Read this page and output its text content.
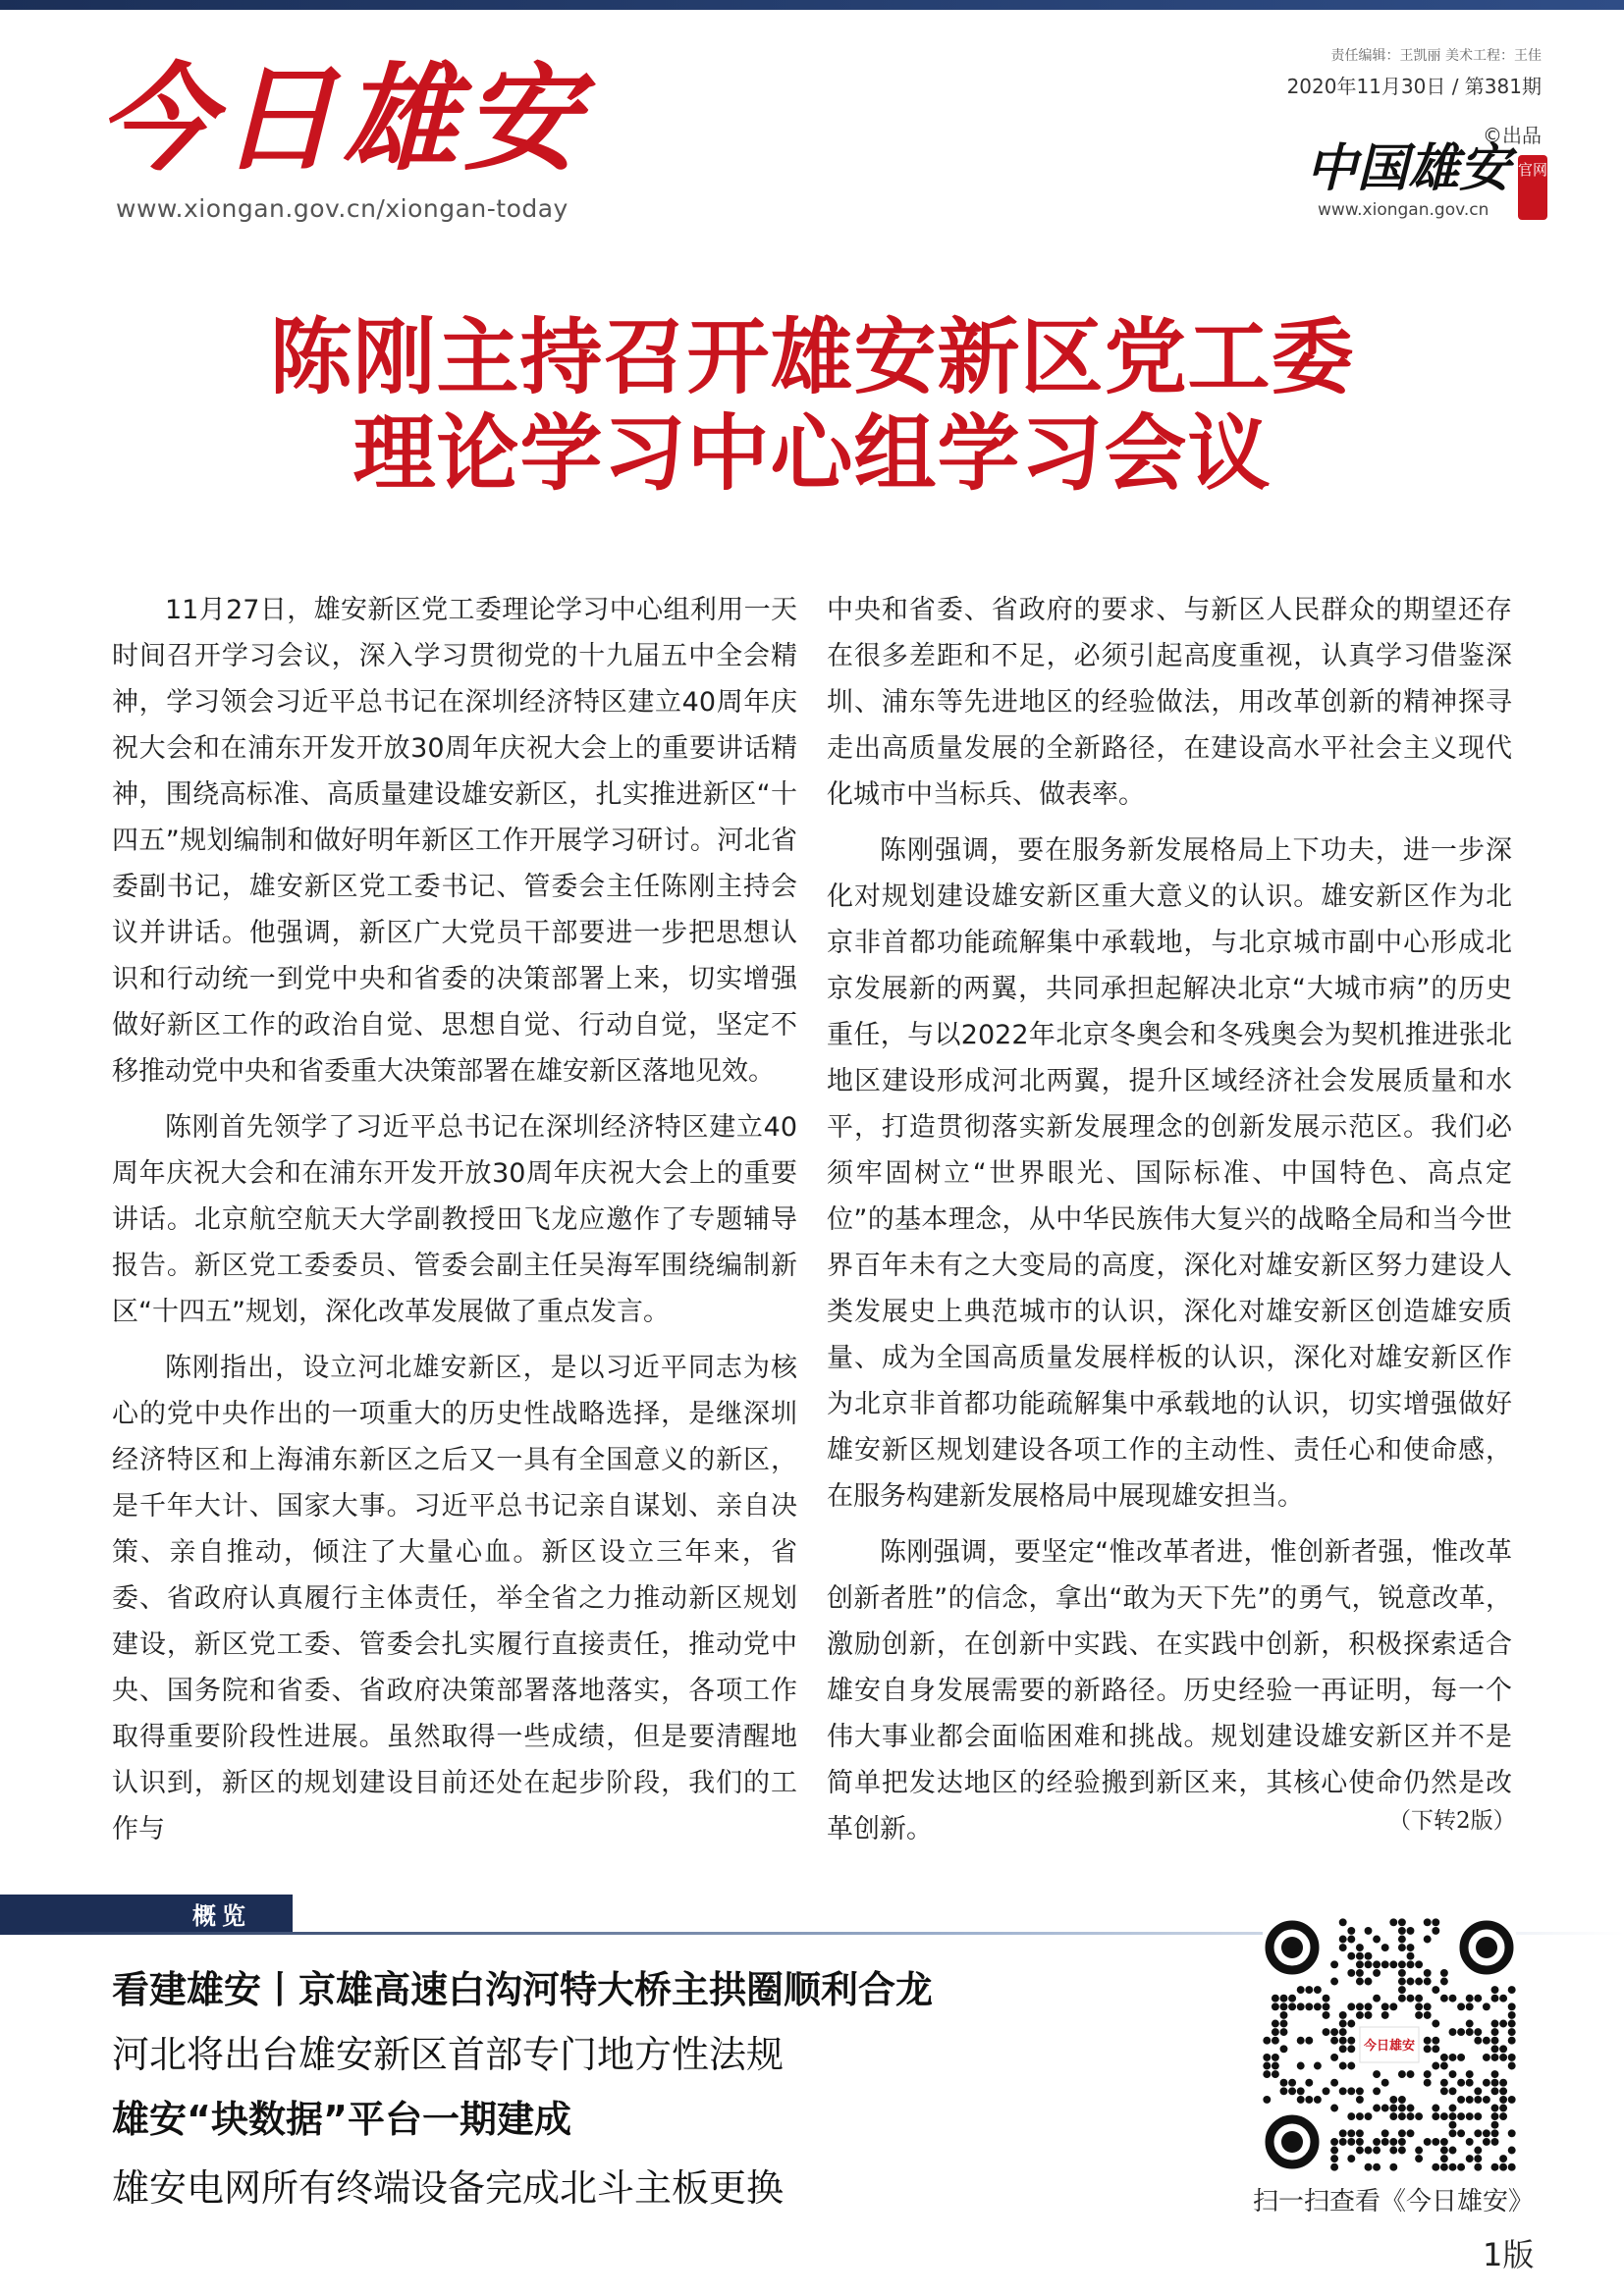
今日雄安
www.xiongan.gov.cn/xiongan-today
责任编辑：王凯丽 美术工程：王佳
2020年11月30日 / 第381期
©出品
中国雄安 官网
www.xiongan.gov.cn
陈刚主持召开雄安新区党工委
理论学习中心组学习会议

11月27日，雄安新区党工委理论学习中心组利用一天时间召开学习会议，深入学习贯彻党的十九届五中全会精神，学习领会习近平总书记在深圳经济特区建立40周年庆祝大会和在浦东开发开放30周年庆祝大会上的重要讲话精神，围绕高标准、高质量建设雄安新区，扎实推进新区“十四五”规划编制和做好明年新区工作开展学习研讨。河北省委副书记，雄安新区党工委书记、管委会主任陈刚主持会议并讲话。他强调，新区广大党员干部要进一步把思想认识和行动统一到党中央和省委的决策部署上来，切实增强做好新区工作的政治自觉、思想自觉、行动自觉，坚定不移推动党中央和省委重大决策部署在雄安新区落地见效。

陈刚首先领学了习近平总书记在深圳经济特区建立40周年庆祝大会和在浦东开发开放30周年庆祝大会上的重要讲话。北京航空航天大学副教授田飞龙应邀作了专题辅导报告。新区党工委委员、管委会副主任吴海军围绕编制新区“十四五”规划，深化改革发展做了重点发言。

陈刚指出，设立河北雄安新区，是以习近平同志为核心的党中央作出的一项重大的历史性战略选择，是继深圳经济特区和上海浦东新区之后又一具有全国意义的新区，是千年大计、国家大事。习近平总书记亲自谋划、亲自决策、亲自推动，倾注了大量心血。新区设立三年来，省委、省政府认真履行主体责任，举全省之力推动新区规划建设，新区党工委、管委会扎实履行直接责任，推动党中央、国务院和省委、省政府决策部署落地落实，各项工作取得重要阶段性进展。虽然取得一些成绩，但是要清醒地认识到，新区的规划建设目前还处在起步阶段，我们的工作与

中央和省委、省政府的要求、与新区人民群众的期望还存在很多差距和不足，必须引起高度重视，认真学习借鉴深圳、浦东等先进地区的经验做法，用改革创新的精神探寻走出高质量发展的全新路径，在建设高水平社会主义现代化城市中当标兵、做表率。

陈刚强调，要在服务新发展格局上下功夫，进一步深化对规划建设雄安新区重大意义的认识。雄安新区作为北京非首都功能疏解集中承载地，与北京城市副中心形成北京发展新的两翼，共同承担起解决北京“大城市病”的历史重任，与以2022年北京冬奥会和冬残奥会为契机推进张北地区建设形成河北两翼，提升区域经济社会发展质量和水平，打造贯彻落实新发展理念的创新发展示范区。我们必须牢固树立“世界眼光、国际标准、中国特色、高点定位”的基本理念，从中华民族伟大复兴的战略全局和当今世界百年未有之大变局的高度，深化对雄安新区努力建设人类发展史上典范城市的认识，深化对雄安新区创造雄安质量、成为全国高质量发展样板的认识，深化对雄安新区作为北京非首都功能疏解集中承载地的认识，切实增强做好雄安新区规划建设各项工作的主动性、责任心和使命感，在服务构建新发展格局中展现雄安担当。

陈刚强调，要坚定“惟改革者进，惟创新者强，惟改革创新者胜”的信念，拿出“敢为天下先”的勇气，锐意改革，激励创新，在创新中实践、在实践中创新，积极探索适合雄安自身发展需要的新路径。历史经验一再证明，每一个伟大事业都会面临困难和挑战。规划建设雄安新区并不是简单把发达地区的经验搬到新区来，其核心使命仍然是改革创新。	（下转2版）
概览
看建雄安丨京雄高速白沟河特大桥主拱圈顺利合龙
河北将出台雄安新区首部专门地方性法规
雄安“块数据”平台一期建成
雄安电网所有终端设备完成北斗主板更换
今日雄安
扫一扫查看《今日雄安》
1版
